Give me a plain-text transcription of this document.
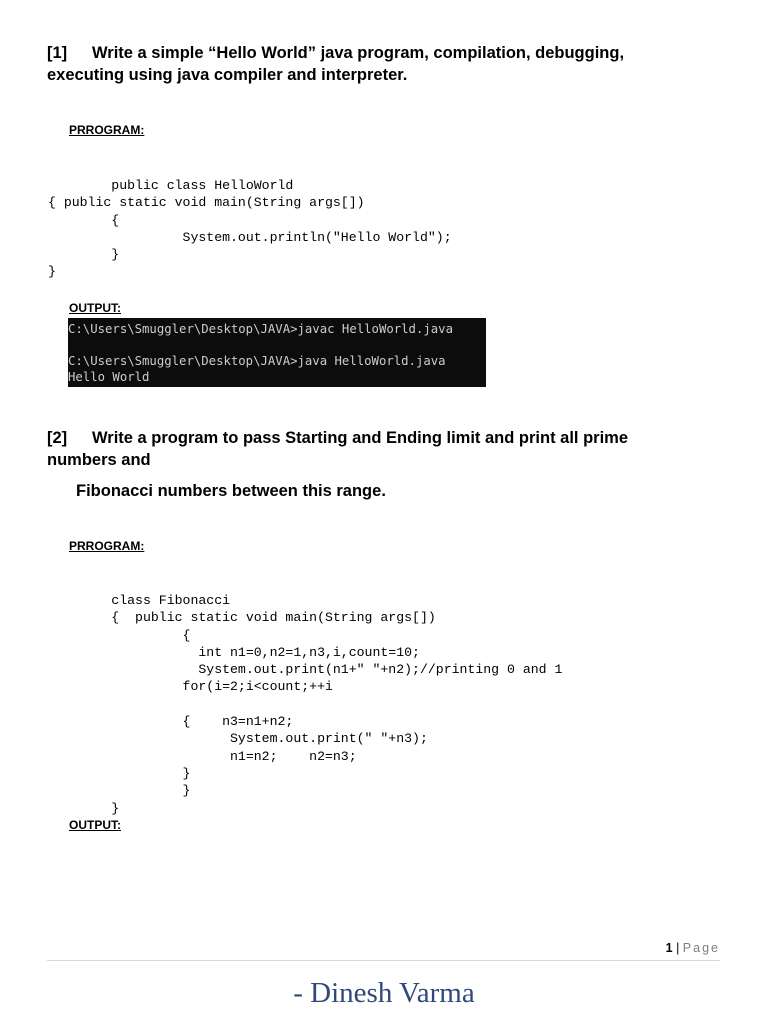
[1] Write a simple “Hello World” java program, compilation, debugging,
executing using java compiler and interpreter.
PRROGRAM:
public class HelloWorld
{ public static void main(String args[])
{
System.out.println("Hello World");
}
}
OUTPUT:
C:\Users\Smuggler\Desktop\JAVA>javac HelloWorld.java

C:\Users\Smuggler\Desktop\JAVA>java HelloWorld.java
Hello World
[2] Write a program to pass Starting and Ending limit and print all prime
numbers and
Fibonacci numbers between this range.
PRROGRAM:
class Fibonacci
{  public static void main(String args[])
{
int n1=0,n2=1,n3,i,count=10;
System.out.print(n1+" "+n2);//printing 0 and 1
for(i=2;i<count;++i

{    n3=n1+n2;
System.out.print(" "+n3);
n1=n2;    n2=n3;
}
}
}
OUTPUT:
1 | Page
- Dinesh Varma
